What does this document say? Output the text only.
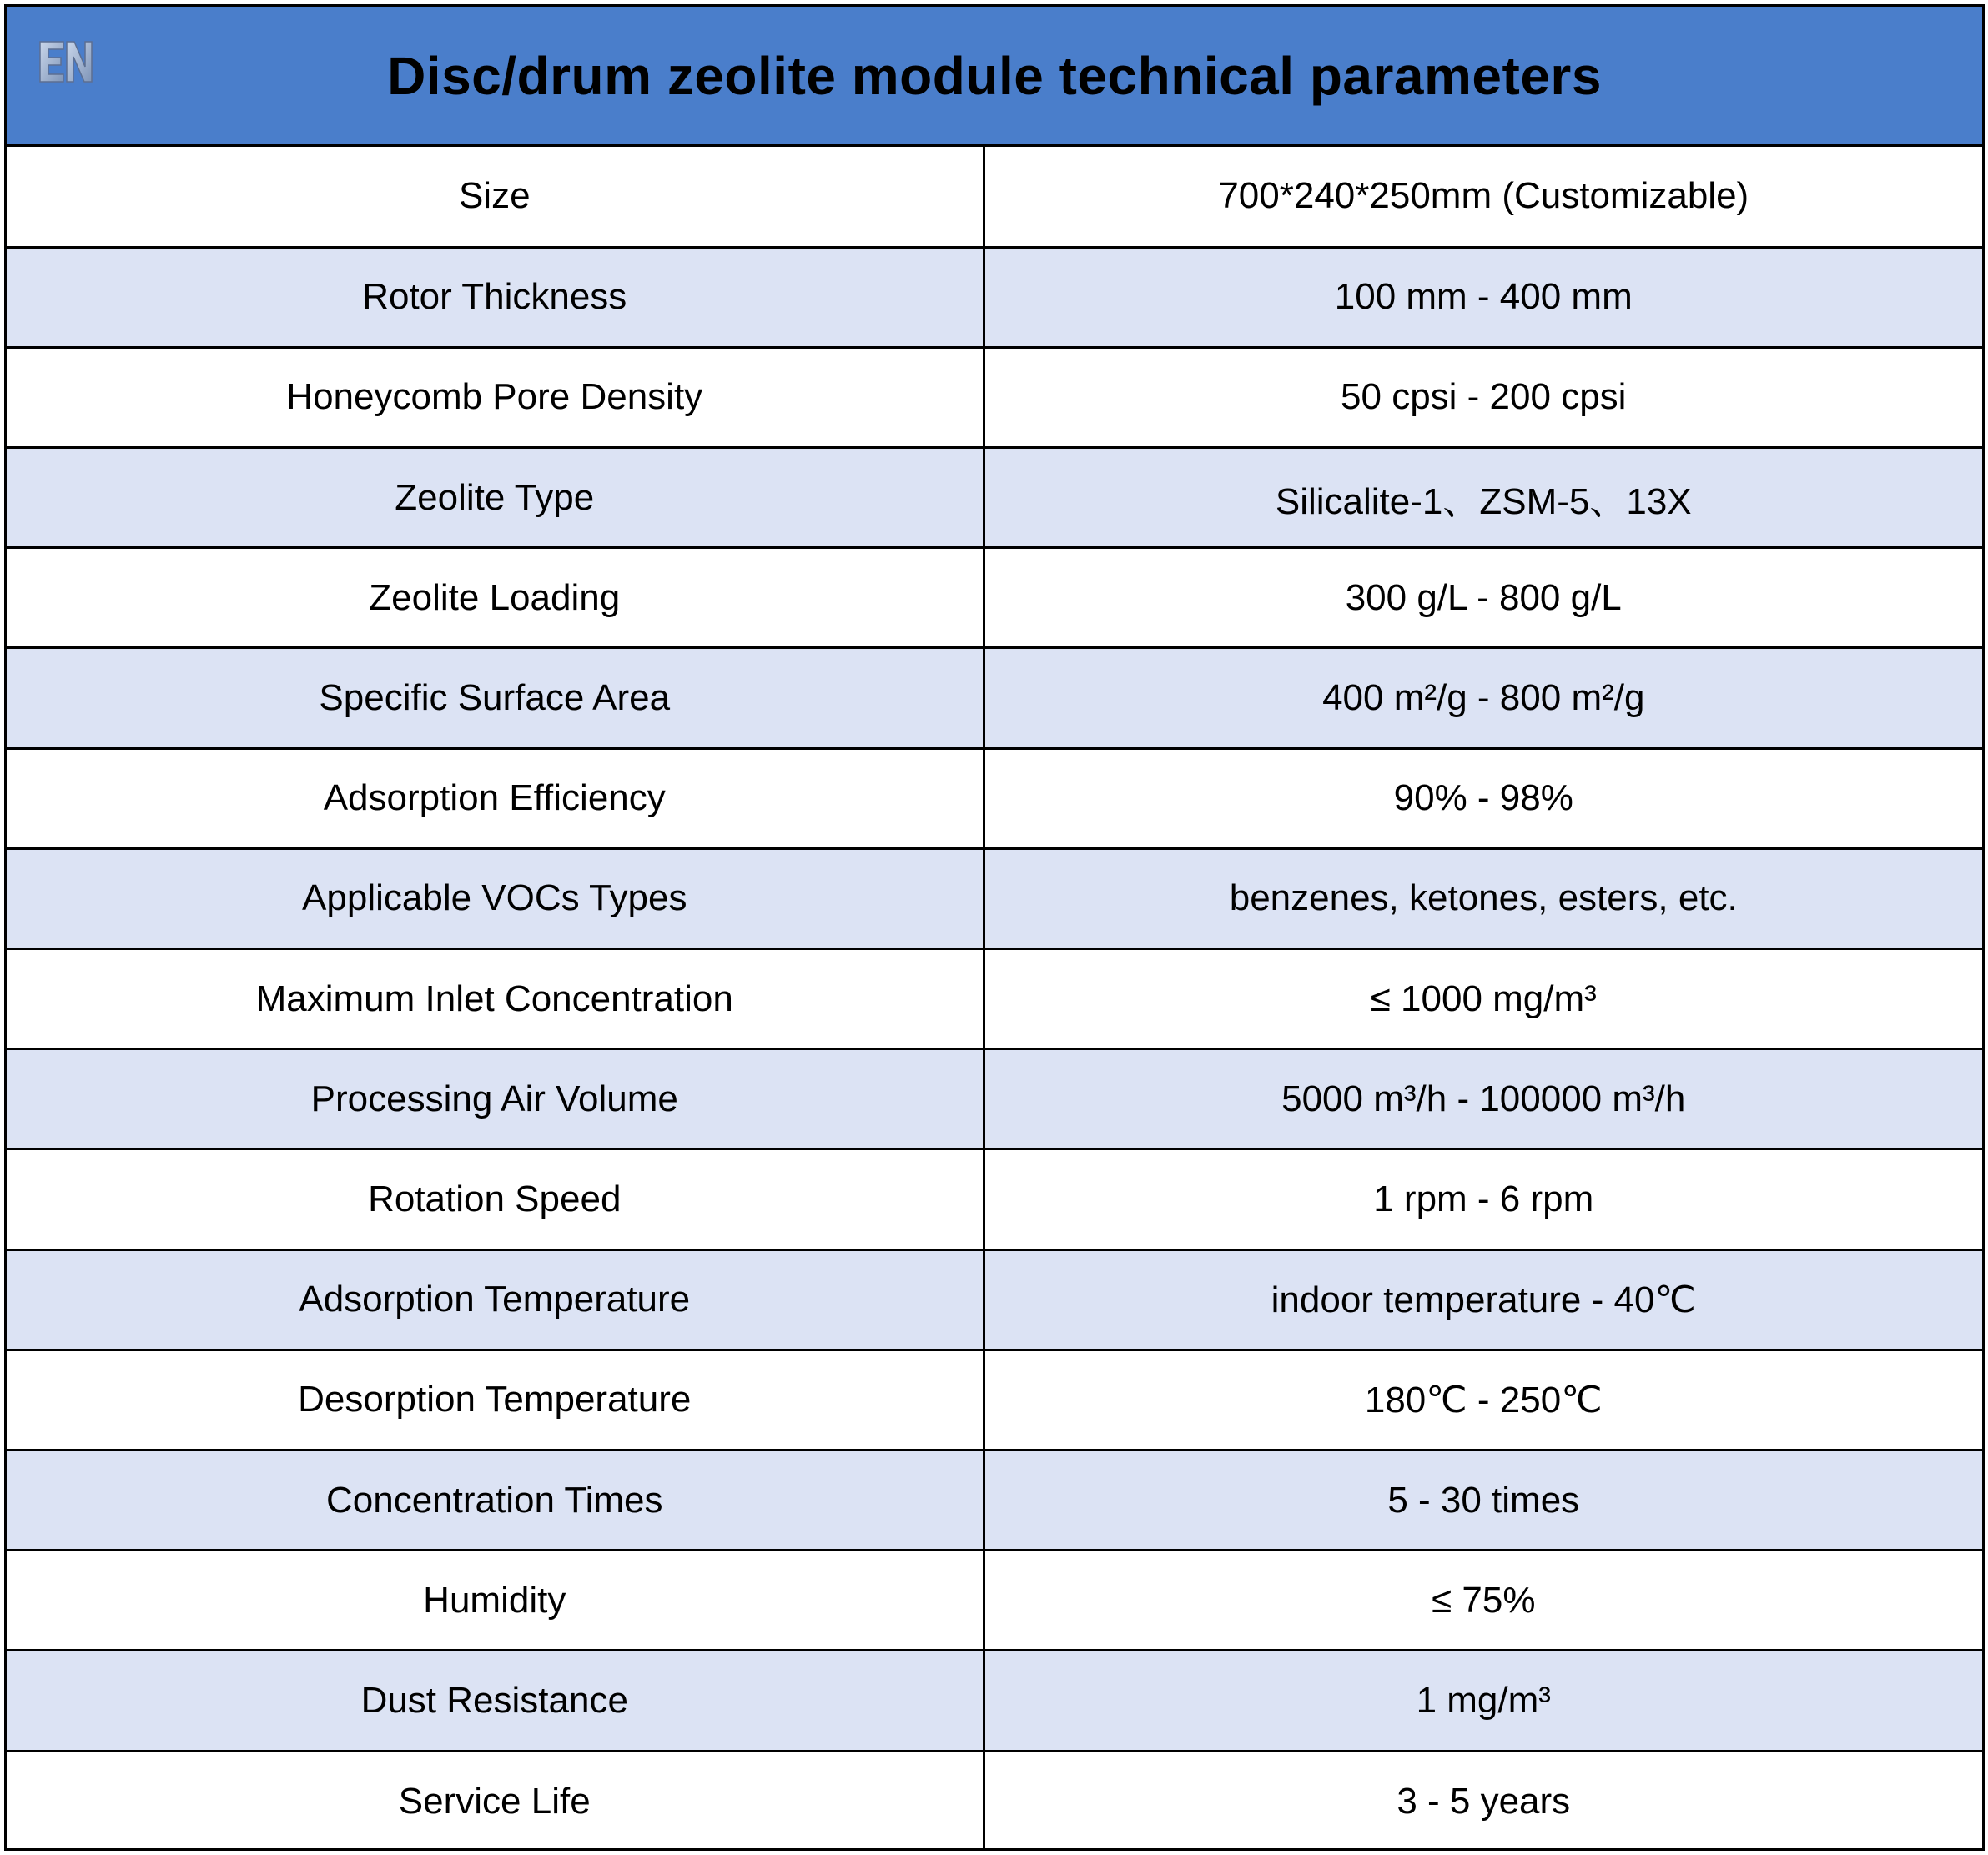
Disc/drum zeolite module technical parameters
Size	700*240*250mm (Customizable)
Rotor Thickness	100 mm - 400 mm
Honeycomb Pore Density	50 cpsi - 200 cpsi
Zeolite Type	Silicalite-1、ZSM-5、13X
Zeolite Loading	300 g/L - 800 g/L
Specific Surface Area	400 m²/g - 800 m²/g
Adsorption Efficiency	90% - 98%
Applicable VOCs Types	benzenes, ketones, esters, etc.
Maximum Inlet Concentration	≤ 1000 mg/m³
Processing Air Volume	5000 m³/h - 100000 m³/h
Rotation Speed	1 rpm - 6 rpm
Adsorption Temperature	indoor temperature - 40℃
Desorption Temperature	180℃ - 250℃
Concentration Times	5 - 30 times
Humidity	≤ 75%
Dust Resistance	1 mg/m³
Service Life	3 - 5 years
